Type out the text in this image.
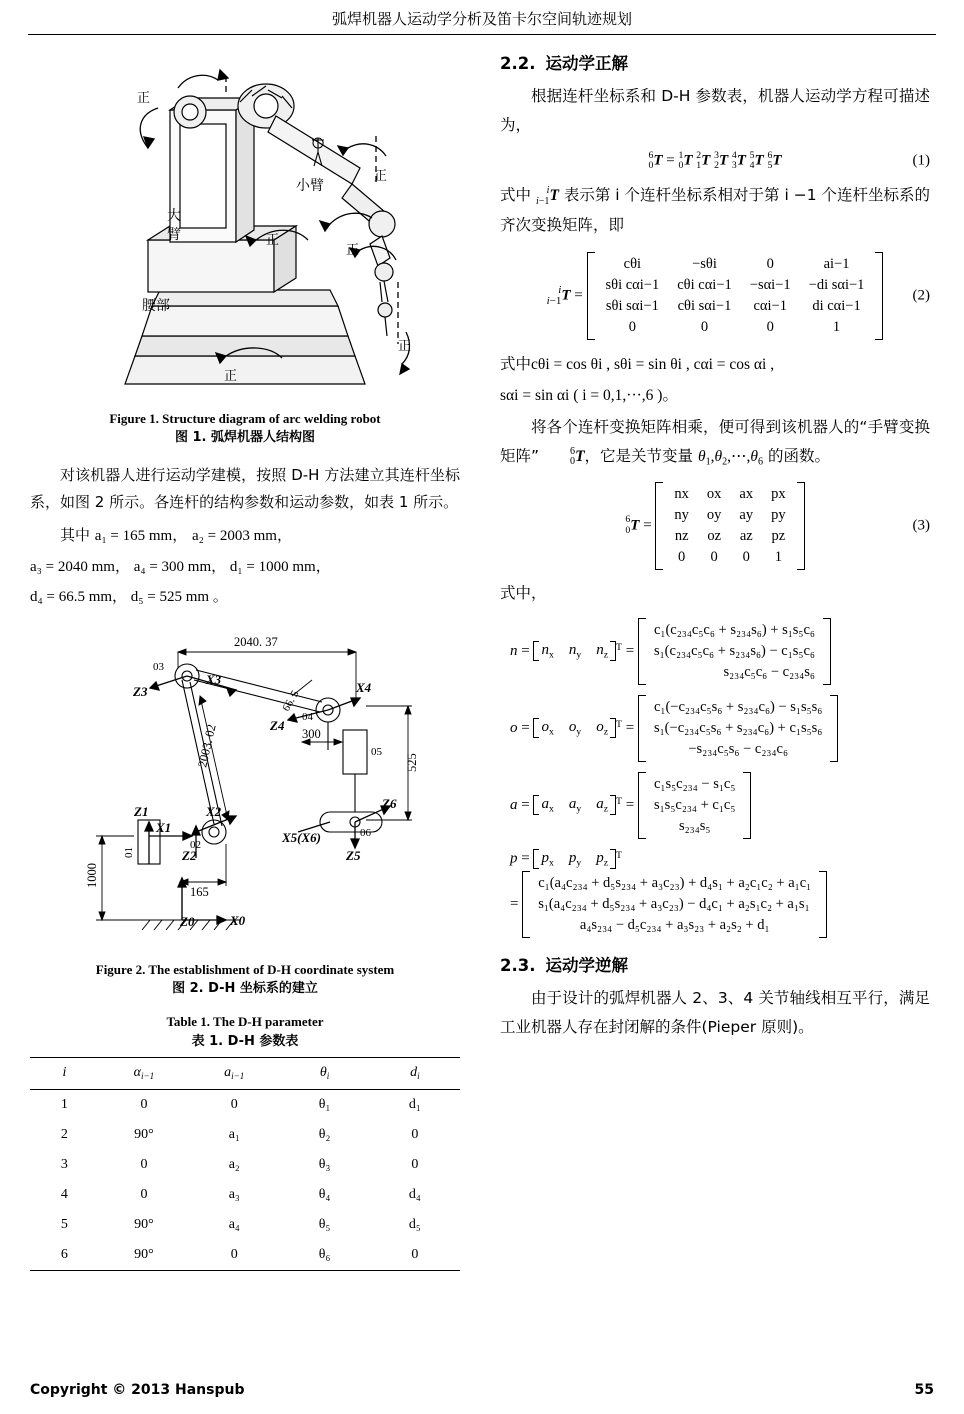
弧焊机器人运动学分析及笛卡尔空间轨迹规划
正
正
正
正
正
正
小臂
大
臂
腰部
Figure 1. Structure diagram of arc welding robot
图 1. 弧焊机器人结构图

对该机器人进行运动学建模，按照 D-H 方法建立其连杆坐标系，如图 2 所示。各连杆的结构参数和运动参数，如表 1 所示。

其中 a₁ = 165 mm， a₂ = 2003 mm，

a₃ = 2040 mm， a₄ = 300 mm， d₁ = 1000 mm，

d₄ = 66.5 mm， d₅ = 525 mm 。

2040. 37
2003. 02
66. 5
300
525
1000
165
03
04
05
06
01
02
Z0	X0
Z1
X1
Z2
X2
Z3
X3
Z4
X4
Z6
Z5
X5(X6)
Figure 2. The establishment of D-H coordinate system
图 2. D-H 坐标系的建立
Table 1. The D-H parameter
表 1. D-H 参数表
i	$\alpha_{i-1}$	$a_{i-1}$	$\theta_i$	$d_i$
1	0	0	θ₁	d₁
2	90°	a₁	θ₂	0
3	0	a₂	θ₃	0
4	0	a₃	θ₄	d₄
5	90°	a₄	θ₅	d₅
6	90°	0	θ₆	0
2.2. 运动学正解

根据连杆坐标系和 D-H 参数表，机器人运动学方程可描述为，

6
0 T = 1
0 T 2
1 T 3
2 T 4
3 T 5
4 T 6
5 T	(1)

式中	i
i−1 T 表示第 i 个连杆坐标系相对于第 i −1 个连杆坐标系的齐次变换矩阵，即

i
i−1 T =
cθi	−sθi	0	ai−1
sθi cαi−1	cθi cαi−1	−sαi−1	−di sαi−1
sθi sαi−1	cθi sαi−1	cαi−1	di cαi−1
0	0	0	1
(2)

式中cθi = cos θi , sθi = sin θi , cαi = cos αi ,

sαi = sin αi ( i = 0,1,···,6 )。

将各个连杆变换矩阵相乘，便可得到该机器人的“手臂变换矩阵”	6
0 T，它是关节变量 $\theta_1,\theta_2,\cdots,\theta_6$ 的函数。

6
0 T =
nx	ox	ax	px
ny	oy	ay	py
nz	oz	az	pz
0	0	0	1
(3)

式中，

$n = n_x$ $n_y$ $n_z^T$ =
c₁(c₂₃₄c₅c₆ + s₂₃₄s₆) + s₁s₅c₆
s₁(c₂₃₄c₅c₆ + s₂₃₄s₆) − c₁s₅c₆
s₂₃₄c₅c₆ − c₂₃₄s₆
$o = o_x$ $o_y$ $o_z^T$ =
c₁(−c₂₃₄c₅s₆ + s₂₃₄c₆) − s₁s₅s₆
s₁(−c₂₃₄c₅s₆ + s₂₃₄c₆) + c₁s₅s₆
−s₂₃₄c₅s₆ − c₂₃₄c₆
$a = a_x$ $a_y$ $a_z^T$ =
c₁s₅c₂₃₄ − s₁c₅
s₁s₅c₂₃₄ + c₁c₅
s₂₃₄s₅
$p = p_x$ $p_y$ $p_z^T$
=
c₁(a₄c₂₃₄ + d₅s₂₃₄ + a₃c₂₃) + d₄s₁ + a₂c₁c₂ + a₁c₁
s₁(a₄c₂₃₄ + d₅s₂₃₄ + a₃c₂₃) − d₄c₁ + a₂s₁c₂ + a₁s₁
a₄s₂₃₄ − d₅c₂₃₄ + a₃s₂₃ + a₂s₂ + d₁
2.3. 运动学逆解

由于设计的弧焊机器人 2、3、4 关节轴线相互平行，满足工业机器人存在封闭解的条件(Pieper 原则)。

55
Copyright © 2013 Hanspub
